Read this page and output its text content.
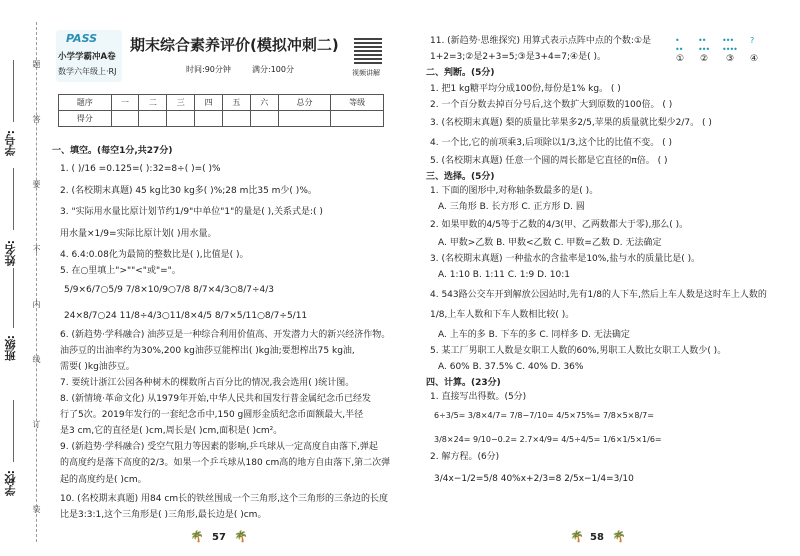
学校:
班级:
姓名:
学号:
装
订
线
内
不
要
答
题
PASS
小学学霸冲A卷
数学六年级上·RJ
期末综合素养评价(模拟冲刺二)
时间:90分钟	满分:100分	视频讲解
题序	一	二	三	四	五	六	总分	等级
得分								
一、填空。(每空1分,共27分)
1. ( )/16 =0.125=( ):32=8÷( )=( )%
2. (名校期末真题) 45 kg比30 kg多( )%;28 m比35 m少( )%。
3. "实际用水量比原计划节约1/9"中单位"1"的量是( ),关系式是:( )
用水量×1/9=实际比原计划( )用水量。
4. 6.4:0.08化为最简的整数比是( ),比值是( )。
5. 在○里填上">""<"或"="。
5/9×6/7○5/9 7/8×10/9○7/8 8/7×4/3○8/7÷4/3
24×8/7○24 11/8÷4/3○11/8×4/5 8/7×5/11○8/7÷5/11
6. (新趋势·学科融合) 油莎豆是一种综合利用价值高、开发潜力大的新兴经济作物。
油莎豆的出油率约为30%,200 kg油莎豆能榨出( )kg油;要想榨出75 kg油,
需要( )kg油莎豆。
7. 要统计浙江公园各种树木的棵数所占百分比的情况,我会选用( )统计图。
8. (新情境·革命文化) 从1979年开始,中华人民共和国发行普金属纪念币已经发
行了5次。2019年发行的一套纪念币中,150 g圆形金质纪念币面额最大,半径
是3 cm,它的直径是( )cm,周长是( )cm,面积是( )cm²。
9. (新趋势·学科融合) 受空气阻力等因素的影响,乒乓球从一定高度自由落下,弹起
的高度约是落下高度的2/3。如果一个乒乓球从180 cm高的地方自由落下,第二次弹
起的高度约是( )cm。
10. (名校期末真题) 用84 cm长的铁丝围成一个三角形,这个三角形的三条边的长度
比是3:3:1,这个三角形是( )三角形,最长边是( )cm。
🌴 57 🌴
11. (新趋势·思维探究) 用算式表示点阵中点的个数:①是
1+2=3;②是2+3=5;③是3+4=7;④是( )。
•
••
••
•••
•••
••••
?

① ② ③ ④
二、判断。(5分)
1. 把1 kg糖平均分成100份,每份是1% kg。 ( )
2. 一个百分数去掉百分号后,这个数扩大到原数的100倍。 ( )
3. (名校期末真题) 梨的质量比苹果多2/5,苹果的质量就比梨少2/7。 ( )
4. 一个比,它的前项乘3,后项除以1/3,这个比的比值不变。 ( )
5. (名校期末真题) 任意一个圆的周长都是它直径的π倍。 ( )
三、选择。(5分)
1. 下面的图形中,对称轴条数最多的是( )。
A. 三角形 B. 长方形 C. 正方形 D. 圆
2. 如果甲数的4/5等于乙数的4/3(甲、乙两数都大于零),那么( )。
A. 甲数>乙数 B. 甲数<乙数 C. 甲数=乙数 D. 无法确定
3. (名校期末真题) 一种盐水的含盐率是10%,盐与水的质量比是( )。
A. 1:10 B. 1:11 C. 1:9 D. 10:1
4. 543路公交车开到解放公园站时,先有1/8的人下车,然后上车人数是这时车上人数的
1/8,上车人数和下车人数相比较( )。
A. 上车的多 B. 下车的多 C. 同样多 D. 无法确定
5. 某工厂男职工人数是女职工人数的60%,男职工人数比女职工人数少( )。
A. 60% B. 37.5% C. 40% D. 36%
四、计算。(23分)
1. 直接写出得数。(5分)
6÷3/5= 3/8×4/7= 7/8−7/10= 4/5×75%= 7/8×5×8/7=
3/8×24= 9/10−0.2= 2.7×4/9= 4/5÷4/5= 1/6×1/5×1/6=
2. 解方程。(6分)
3/4x−1/2=5/8 40%x+2/3=8 2/5x−1/4=3/10
🌴 58 🌴
